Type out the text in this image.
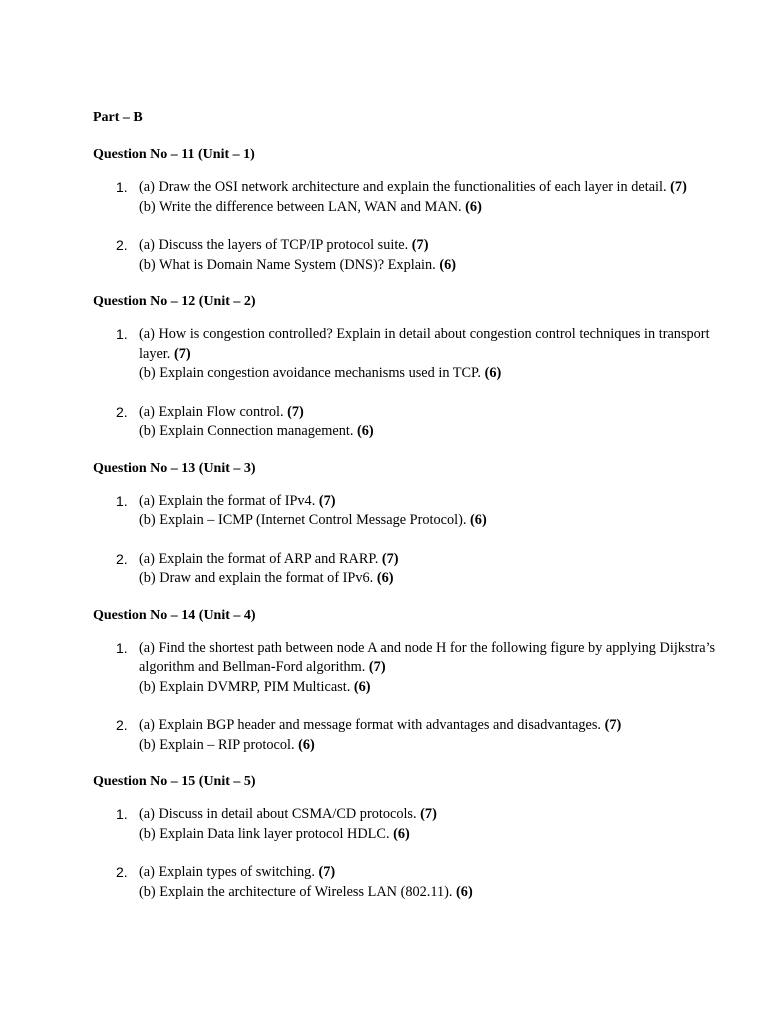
Part – B
Question No – 11 (Unit – 1)
1. (a) Draw the OSI network architecture and explain the functionalities of each layer in detail. (7)
(b) Write the difference between LAN, WAN and MAN. (6)
2. (a) Discuss the layers of TCP/IP protocol suite. (7)
(b) What is Domain Name System (DNS)? Explain. (6)
Question No – 12 (Unit – 2)
1. (a) How is congestion controlled? Explain in detail about congestion control techniques in transport layer. (7)
(b) Explain congestion avoidance mechanisms used in TCP. (6)
2. (a) Explain Flow control. (7)
(b) Explain Connection management. (6)
Question No – 13 (Unit – 3)
1. (a) Explain the format of IPv4. (7)
(b) Explain – ICMP (Internet Control Message Protocol). (6)
2. (a) Explain the format of ARP and RARP. (7)
(b) Draw and explain the format of IPv6. (6)
Question No – 14 (Unit – 4)
1. (a) Find the shortest path between node A and node H for the following figure by applying Dijkstra’s algorithm and Bellman-Ford algorithm. (7)
(b) Explain DVMRP, PIM Multicast. (6)
2. (a) Explain BGP header and message format with advantages and disadvantages. (7)
(b) Explain – RIP protocol. (6)
Question No – 15 (Unit – 5)
1. (a) Discuss in detail about CSMA/CD protocols. (7)
(b) Explain Data link layer protocol HDLC. (6)
2. (a) Explain types of switching. (7)
(b) Explain the architecture of Wireless LAN (802.11). (6)
